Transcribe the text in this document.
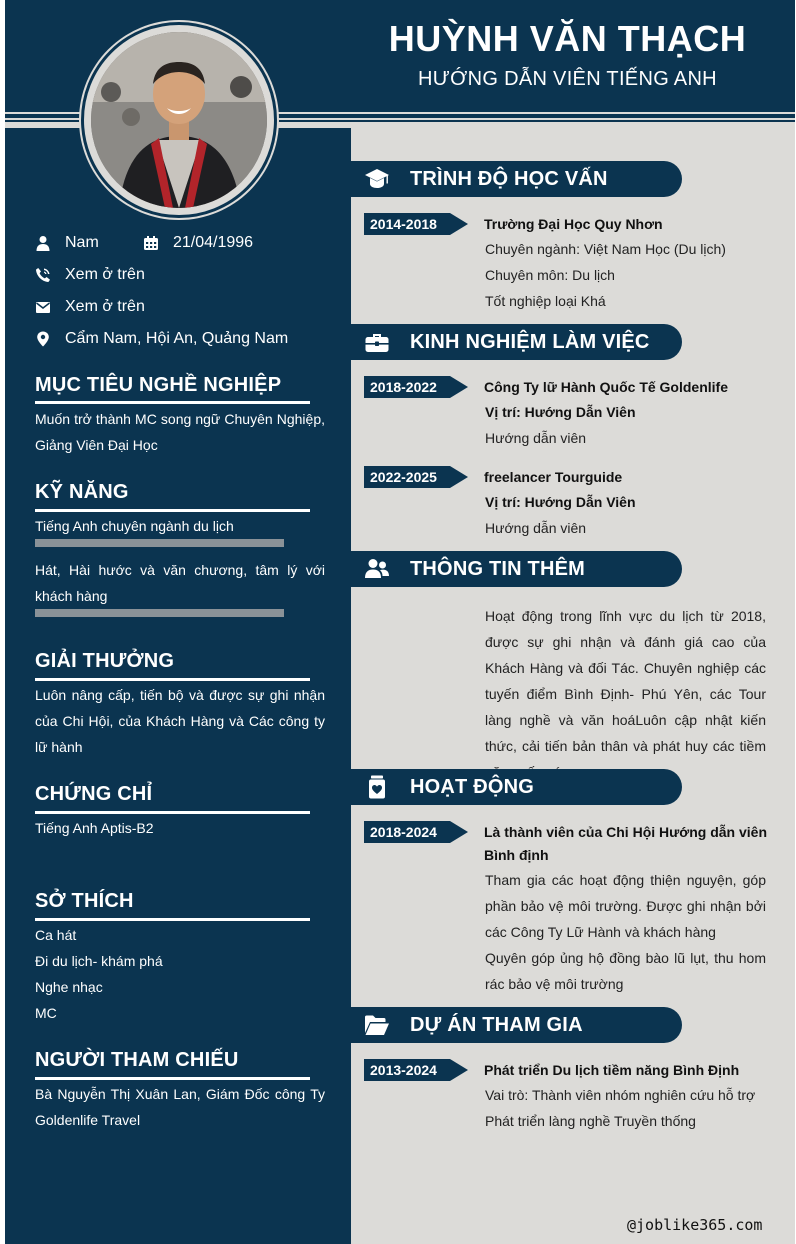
HUỲNH VĂN THẠCH
HƯỚNG DẪN VIÊN TIẾNG ANH
Nam	21/04/1996
Xem ở trên
Xem ở trên
Cẩm Nam, Hội An, Quảng Nam
MỤC TIÊU NGHỀ NGHIỆP
Muốn trở thành MC song ngữ Chuyên Nghiệp, Giảng Viên Đại Học
KỸ NĂNG
Tiếng Anh chuyên ngành du lịch
Hát, Hài hước và văn chương, tâm lý với khách hàng
GIẢI THƯỞNG
Luôn nâng cấp, tiến bộ và được sự ghi nhận của Chi Hội, của Khách Hàng và Các công ty lữ hành
CHỨNG CHỈ
Tiếng Anh Aptis-B2
SỞ THÍCH
Ca hát
Đi du lịch- khám phá
Nghe nhạc
MC
NGƯỜI THAM CHIẾU
Bà Nguyễn Thị Xuân Lan, Giám Đốc công Ty Goldenlife Travel
TRÌNH ĐỘ HỌC VẤN
2014-2018	Trường Đại Học Quy Nhơn
Chuyên ngành: Việt Nam Học (Du lịch)
Chuyên môn: Du lịch
Tốt nghiệp loại Khá
KINH NGHIỆM LÀM VIỆC
2018-2022	Công Ty lữ Hành Quốc Tế Goldenlife
Vị trí: Hướng Dẫn Viên
Hướng dẫn viên
2022-2025	freelancer Tourguide
Vị trí: Hướng Dẫn Viên
Hướng dẫn viên
THÔNG TIN THÊM
Hoạt động trong lĩnh vực du lịch từ 2018, được sự ghi nhận và đánh giá cao của Khách Hàng và đối Tác. Chuyên nghiệp các tuyến điểm Bình Định- Phú Yên, các Tour làng nghề và văn hoáLuôn cập nhật kiến thức, cải tiến bản thân và phát huy các tiềm
HOẠT ĐỘNG
2018-2024	Là thành viên của Chi Hội Hướng dẫn viên Bình định
Tham gia các hoạt động thiện nguyện, góp phần bảo vệ môi trường. Được ghi nhận bởi các Công Ty Lữ Hành và khách hàng
Quyên góp ủng hộ đồng bào lũ lụt, thu hom rác bảo vệ môi trường
DỰ ÁN THAM GIA
2013-2024	Phát triển Du lịch tiềm năng Bình Định
Vai trò: Thành viên nhóm nghiên cứu hỗ trợ
Phát triển làng nghề Truyền thống
@joblike365.com
